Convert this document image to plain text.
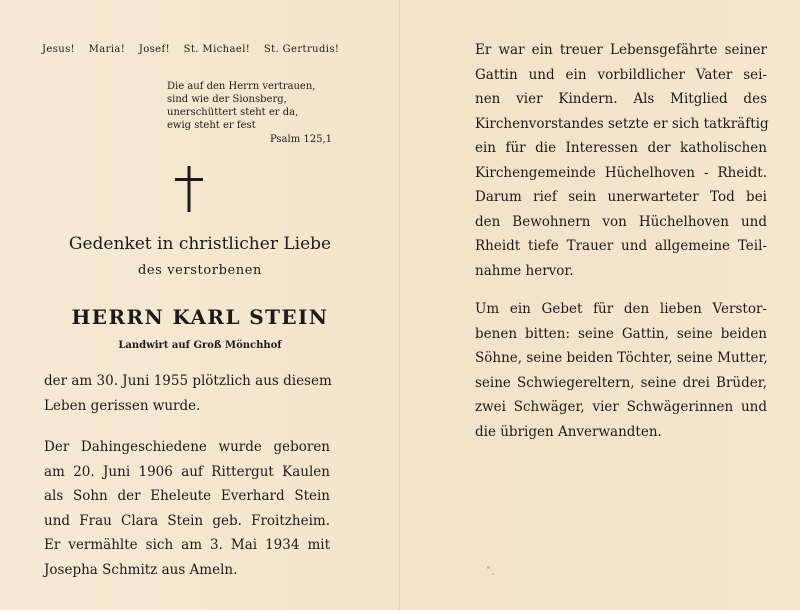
Jesus! Maria! Josef! St. Michael! St. Gertrudis!
Die auf den Herrn vertrauen,
sind wie der Sionsberg,
unerschüttert steht er da,
ewig steht er fest
Psalm 125,1
Gedenket in christlicher Liebe
des verstorbenen
HERRN KARL STEIN
Landwirt auf Groß Mönchhof
der am 30. Juni 1955 plötzlich aus diesem
Leben gerissen wurde.
Der Dahingeschiedene wurde geboren
am 20. Juni 1906 auf Rittergut Kaulen
als Sohn der Eheleute Everhard Stein
und Frau Clara Stein geb. Froitzheim.
Er vermählte sich am 3. Mai 1934 mit
Josepha Schmitz aus Ameln.
Er war ein treuer Lebensgefährte seiner
Gattin und ein vorbildlicher Vater sei-
nen vier Kindern. Als Mitglied des
Kirchenvorstandes setzte er sich tatkräftig
ein für die Interessen der katholischen
Kirchengemeinde Hüchelhoven - Rheidt.
Darum rief sein unerwarteter Tod bei
den Bewohnern von Hüchelhoven und
Rheidt tiefe Trauer und allgemeine Teil-
nahme hervor.
Um ein Gebet für den lieben Verstor-
benen bitten: seine Gattin, seine beiden
Söhne, seine beiden Töchter, seine Mutter,
seine Schwiegereltern, seine drei Brüder,
zwei Schwäger, vier Schwägerinnen und
die übrigen Anverwandten.
